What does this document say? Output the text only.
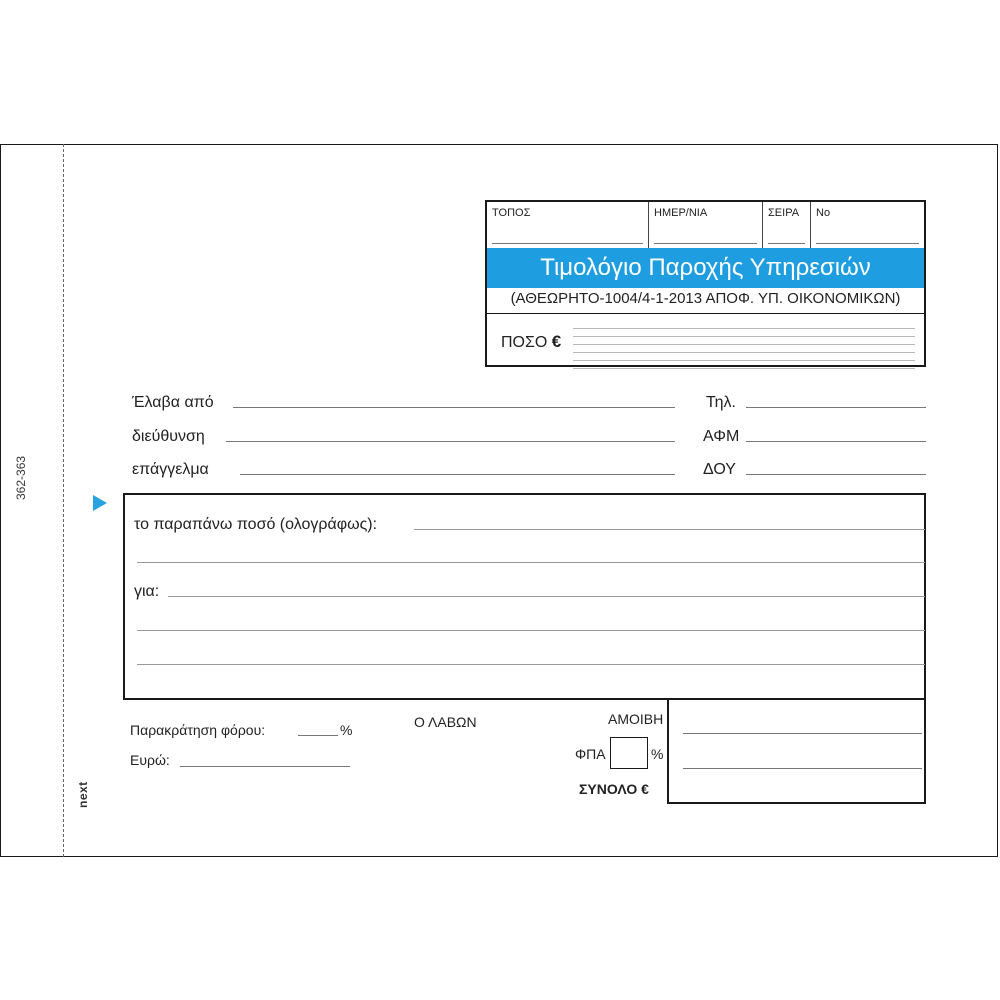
362-363
next
ΤΟΠΟΣ	ΗΜΕΡ/ΝΙΑ	ΣΕΙΡΑ	Νο
Τιμολόγιο Παροχής Υπηρεσιών
(ΑΘΕΩΡΗΤΟ-1004/4-1-2013 ΑΠΟΦ. ΥΠ. ΟΙΚΟΝΟΜΙΚΩΝ)
ΠΟΣΟ €
Έλαβα από	Τηλ.
διεύθυνση	ΑΦΜ
επάγγελμα	ΔΟΥ
το παραπάνω ποσό (ολογράφως):
για:
Παρακράτηση φόρου:	%
Ευρώ:
Ο ΛΑΒΩΝ	ΑΜΟΙΒΗ
ΦΠΑ	%
ΣΥΝΟΛΟ €
